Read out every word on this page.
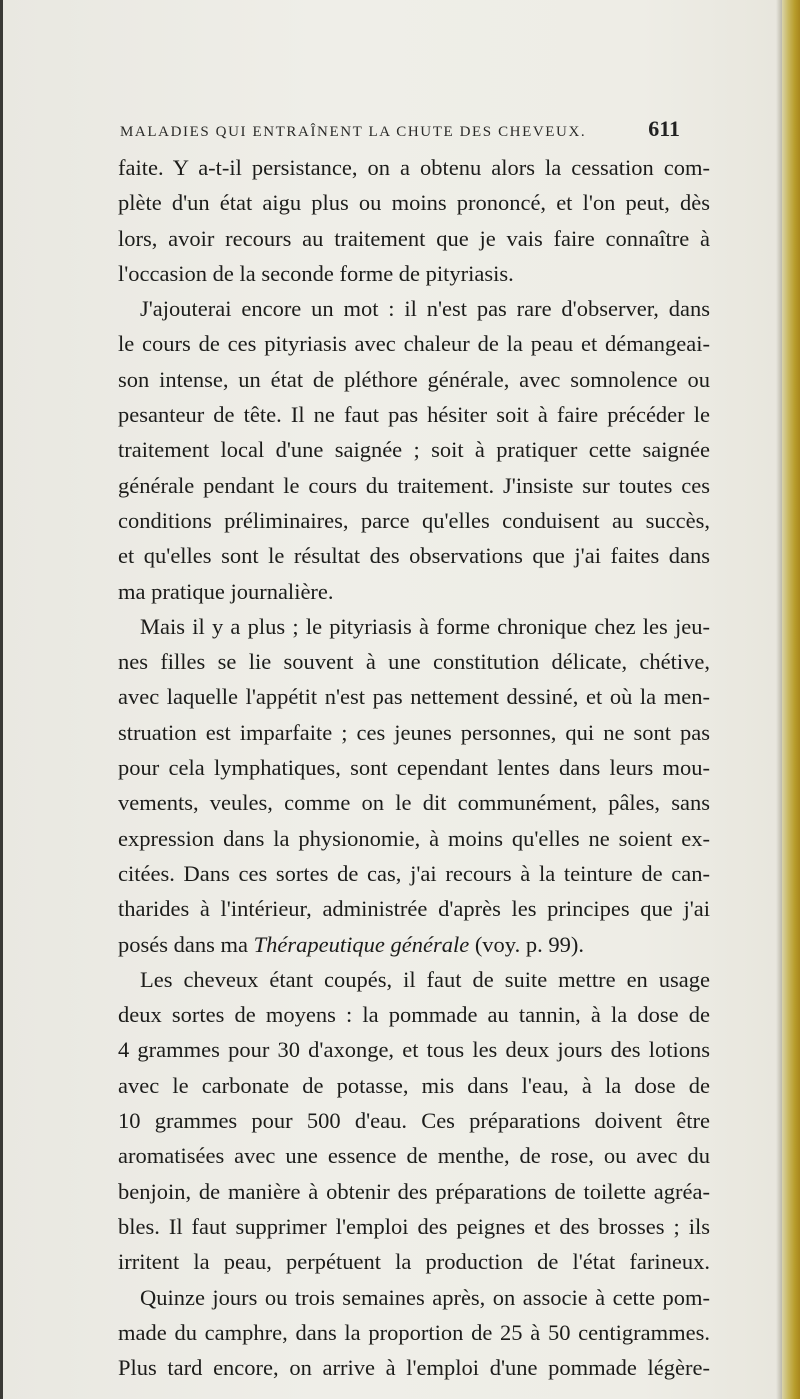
MALADIES QUI ENTRAÎNENT LA CHUTE DES CHEVEUX.	611
faite. Y a-t-il persistance, on a obtenu alors la cessation com-
plète d'un état aigu plus ou moins prononcé, et l'on peut, dès
lors, avoir recours au traitement que je vais faire connaître à
l'occasion de la seconde forme de pityriasis.
J'ajouterai encore un mot : il n'est pas rare d'observer, dans
le cours de ces pityriasis avec chaleur de la peau et démangeai-
son intense, un état de pléthore générale, avec somnolence ou
pesanteur de tête. Il ne faut pas hésiter soit à faire précéder le
traitement local d'une saignée ; soit à pratiquer cette saignée
générale pendant le cours du traitement. J'insiste sur toutes ces
conditions préliminaires, parce qu'elles conduisent au succès,
et qu'elles sont le résultat des observations que j'ai faites dans
ma pratique journalière.
Mais il y a plus ; le pityriasis à forme chronique chez les jeu-
nes filles se lie souvent à une constitution délicate, chétive,
avec laquelle l'appétit n'est pas nettement dessiné, et où la men-
struation est imparfaite ; ces jeunes personnes, qui ne sont pas
pour cela lymphatiques, sont cependant lentes dans leurs mou-
vements, veules, comme on le dit communément, pâles, sans
expression dans la physionomie, à moins qu'elles ne soient ex-
citées. Dans ces sortes de cas, j'ai recours à la teinture de can-
tharides à l'intérieur, administrée d'après les principes que j'ai
posés dans ma Thérapeutique générale (voy. p. 99).
Les cheveux étant coupés, il faut de suite mettre en usage
deux sortes de moyens : la pommade au tannin, à la dose de
4 grammes pour 30 d'axonge, et tous les deux jours des lotions
avec le carbonate de potasse, mis dans l'eau, à la dose de
10 grammes pour 500 d'eau. Ces préparations doivent être
aromatisées avec une essence de menthe, de rose, ou avec du
benjoin, de manière à obtenir des préparations de toilette agréa-
bles. Il faut supprimer l'emploi des peignes et des brosses ; ils
irritent la peau, perpétuent la production de l'état farineux.
Quinze jours ou trois semaines après, on associe à cette pom-
made du camphre, dans la proportion de 25 à 50 centigrammes.
Plus tard encore, on arrive à l'emploi d'une pommade légère-
